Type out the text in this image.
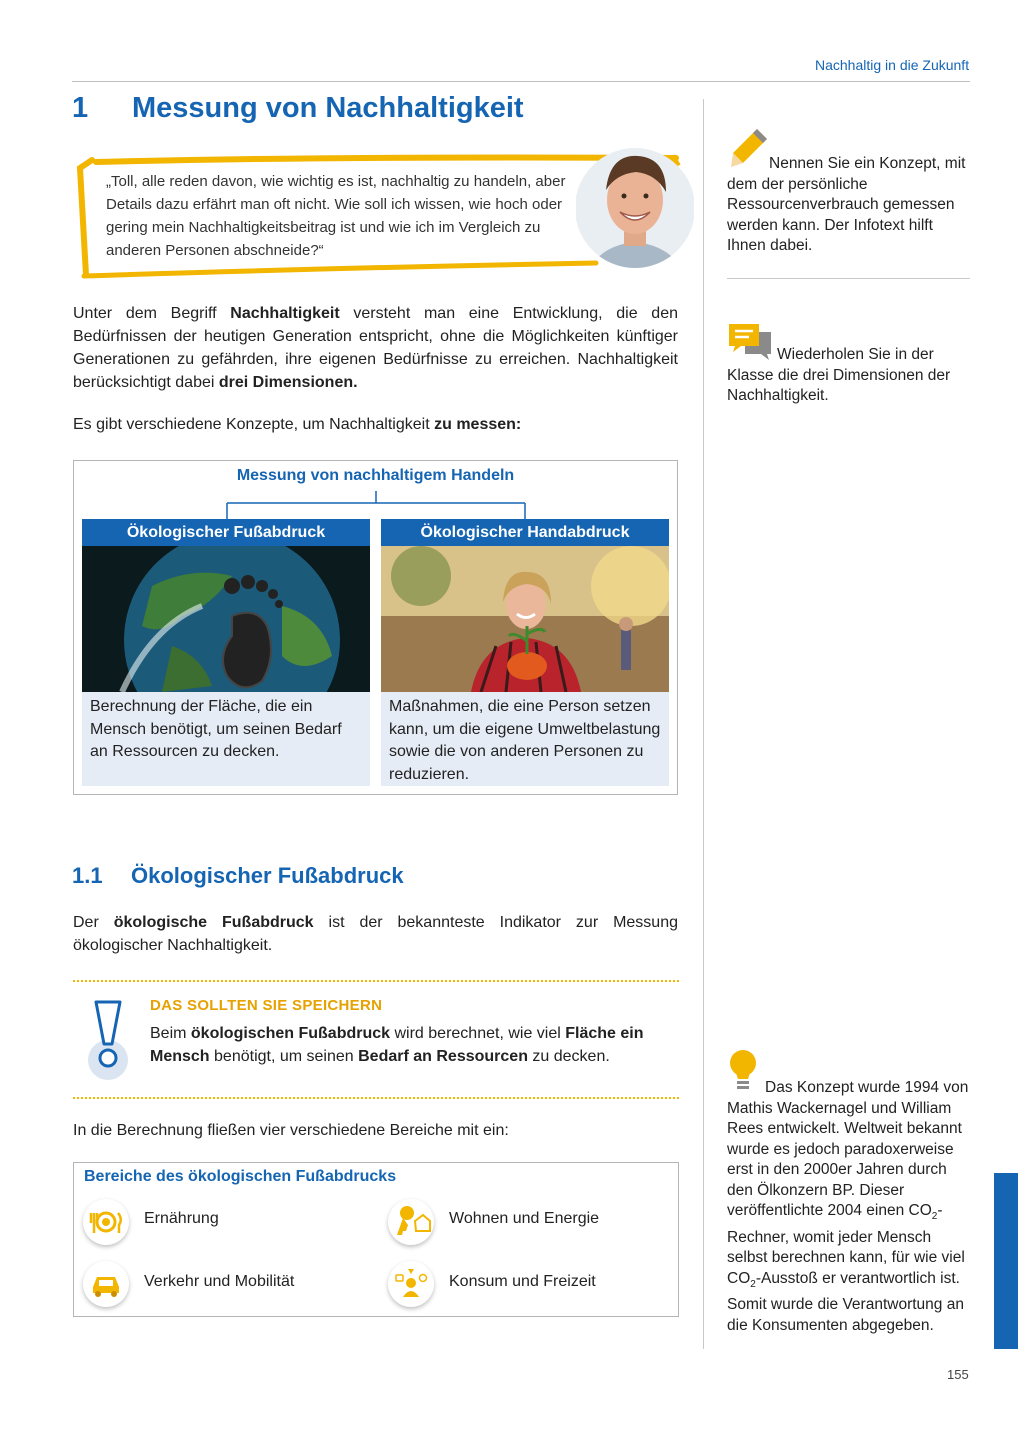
Nachhaltig in die Zukunft
1 Messung von Nachhaltigkeit
„Toll, alle reden davon, wie wichtig es ist, nachhaltig zu handeln, aber Details dazu erfährt man oft nicht. Wie soll ich wissen, wie hoch oder gering mein Nachhaltigkeitsbeitrag ist und wie ich im Vergleich zu anderen Personen abschneide?“
Unter dem Begriff Nachhaltigkeit versteht man eine Entwicklung, die den Bedürfnissen der heutigen Generation entspricht, ohne die Möglichkeiten künftiger Generationen zu gefährden, ihre eigenen Bedürfnisse zu erreichen. Nachhaltigkeit berücksichtigt dabei drei Dimensionen.
Es gibt verschiedene Konzepte, um Nachhaltigkeit zu messen:
Messung von nachhaltigem Handeln
Ökologischer Fußabdruck	Ökologischer Handabdruck
Berechnung der Fläche, die ein Mensch benötigt, um seinen Bedarf an Ressourcen zu decken.
Maßnahmen, die eine Person setzen kann, um die eigene Umweltbelastung sowie die von anderen Personen zu reduzieren.
1.1 Ökologischer Fußabdruck
Der ökologische Fußabdruck ist der bekannteste Indikator zur Messung ökologischer Nachhaltigkeit.
DAS SOLLTEN SIE SPEICHERN
Beim ökologischen Fußabdruck wird berechnet, wie viel Fläche ein Mensch benötigt, um seinen Bedarf an Ressourcen zu decken.
In die Berechnung fließen vier verschiedene Bereiche mit ein:
Bereiche des ökologischen Fußabdrucks
Ernährung	Wohnen und Energie
Verkehr und Mobilität	Konsum und Freizeit
Nennen Sie ein Konzept, mit dem der persönliche Ressourcenverbrauch gemessen werden kann. Der Infotext hilft Ihnen dabei.
Wiederholen Sie in der Klasse die drei Dimensionen der Nachhaltigkeit.
Das Konzept wurde 1994 von Mathis Wackernagel und William Rees entwickelt. Weltweit bekannt wurde es jedoch paradoxerweise erst in den 2000er Jahren durch den Ölkonzern BP. Dieser veröffentlichte 2004 einen $CO_2$-Rechner, womit jeder Mensch selbst berechnen kann, für wie viel $CO_2$-Ausstoß er verantwortlich ist. Somit wurde die Verantwortung an die Konsumenten abgegeben.
155
